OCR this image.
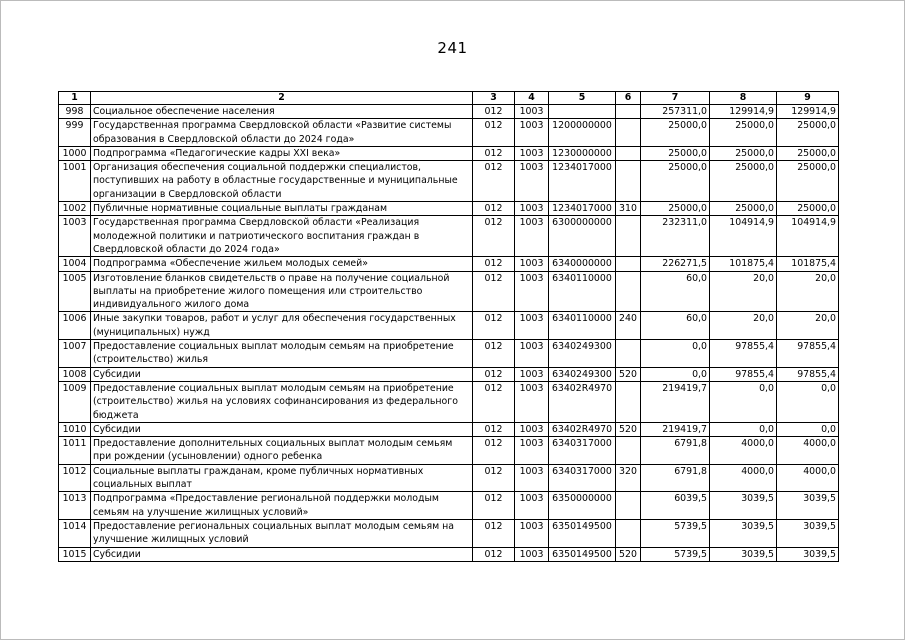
241
1	2	3	4	5	6	7	8	9
998	Социальное обеспечение населения	012	1003			257311,0	129914,9	129914,9
999	Государственная программа Свердловской области «Развитие системы образования в Свердловской области до 2024 года»	012	1003	1200000000		25000,0	25000,0	25000,0
1000	Подпрограмма «Педагогические кадры XXI века»	012	1003	1230000000		25000,0	25000,0	25000,0
1001	Организация обеспечения социальной поддержки специалистов, поступивших на работу в областные государственные и муниципальные организации в Свердловской области	012	1003	1234017000		25000,0	25000,0	25000,0
1002	Публичные нормативные социальные выплаты гражданам	012	1003	1234017000	310	25000,0	25000,0	25000,0
1003	Государственная программа Свердловской области «Реализация молодежной политики и патриотического воспитания граждан в Свердловской области до 2024 года»	012	1003	6300000000		232311,0	104914,9	104914,9
1004	Подпрограмма «Обеспечение жильем молодых семей»	012	1003	6340000000		226271,5	101875,4	101875,4
1005	Изготовление бланков свидетельств о праве на получение социальной выплаты на приобретение жилого помещения или строительство индивидуального жилого дома	012	1003	6340110000		60,0	20,0	20,0
1006	Иные закупки товаров, работ и услуг для обеспечения государственных (муниципальных) нужд	012	1003	6340110000	240	60,0	20,0	20,0
1007	Предоставление социальных выплат молодым семьям на приобретение (строительство) жилья	012	1003	6340249300		0,0	97855,4	97855,4
1008	Субсидии	012	1003	6340249300	520	0,0	97855,4	97855,4
1009	Предоставление социальных выплат молодым семьям на приобретение (строительство) жилья на условиях софинансирования из федерального бюджета	012	1003	63402R4970		219419,7	0,0	0,0
1010	Субсидии	012	1003	63402R4970	520	219419,7	0,0	0,0
1011	Предоставление дополнительных социальных выплат молодым семьям при рождении (усыновлении) одного ребенка	012	1003	6340317000		6791,8	4000,0	4000,0
1012	Социальные выплаты гражданам, кроме публичных нормативных социальных выплат	012	1003	6340317000	320	6791,8	4000,0	4000,0
1013	Подпрограмма «Предоставление региональной поддержки молодым семьям на улучшение жилищных условий»	012	1003	6350000000		6039,5	3039,5	3039,5
1014	Предоставление региональных социальных выплат молодым семьям на улучшение жилищных условий	012	1003	6350149500		5739,5	3039,5	3039,5
1015	Субсидии	012	1003	6350149500	520	5739,5	3039,5	3039,5
